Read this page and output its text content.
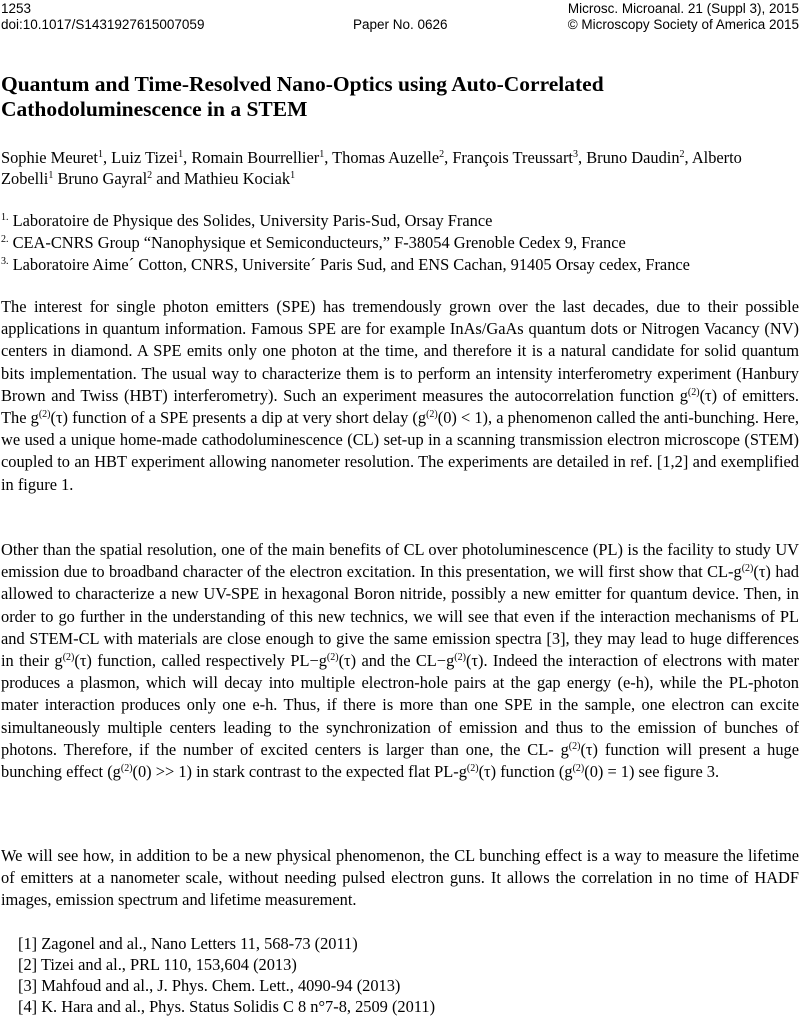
1253	Microsc. Microanal. 21 (Suppl 3), 2015
doi:10.1017/S1431927615007059	Paper No. 0626	© Microscopy Society of America 2015
Quantum and Time-Resolved Nano-Optics using Auto-Correlated Cathodoluminescence in a STEM
Sophie Meuret$^1$, Luiz Tizei$^1$, Romain Bourrellier$^1$, Thomas Auzelle$^2$, François Treussart$^3$, Bruno Daudin$^2$, Alberto Zobelli$^1$ Bruno Gayral$^2$ and Mathieu Kociak$^1$
$^{1.}$ Laboratoire de Physique des Solides, University Paris-Sud, Orsay France
$^{2.}$ CEA-CNRS Group “Nanophysique et Semiconducteurs,” F-38054 Grenoble Cedex 9, France
$^{3.}$ Laboratoire Aime´ Cotton, CNRS, Universite´ Paris Sud, and ENS Cachan, 91405 Orsay cedex, France
The interest for single photon emitters (SPE) has tremendously grown over the last decades, due to their possible applications in quantum information. Famous SPE are for example InAs/GaAs quantum dots or Nitrogen Vacancy (NV) centers in diamond. A SPE emits only one photon at the time, and therefore it is a natural candidate for solid quantum bits implementation. The usual way to characterize them is to perform an intensity interferometry experiment (Hanbury Brown and Twiss (HBT) interferometry). Such an experiment measures the autocorrelation function $g^{(2)}(\tau)$ of emitters. The $g^{(2)}(\tau)$ function of a SPE presents a dip at very short delay $(g^{(2)}(0) < 1)$, a phenomenon called the anti-bunching. Here, we used a unique home-made cathodoluminescence (CL) set-up in a scanning transmission electron microscope (STEM) coupled to an HBT experiment allowing nanometer resolution. The experiments are detailed in ref. [1,2] and exemplified in figure 1.
Other than the spatial resolution, one of the main benefits of CL over photoluminescence (PL) is the facility to study UV emission due to broadband character of the electron excitation. In this presentation, we will first show that $CL-g^{(2)}(\tau)$ had allowed to characterize a new UV-SPE in hexagonal Boron nitride, possibly a new emitter for quantum device. Then, in order to go further in the understanding of this new technics, we will see that even if the interaction mechanisms of PL and STEM-CL with materials are close enough to give the same emission spectra [3], they may lead to huge differences in their $g^{(2)}(\tau)$ function, called respectively $PL-g^{(2)}(\tau)$ and the $CL-g^{(2)}(\tau)$. Indeed the interaction of electrons with mater produces a plasmon, which will decay into multiple electron-hole pairs at the gap energy (e-h), while the PL-photon mater interaction produces only one e-h. Thus, if there is more than one SPE in the sample, one electron can excite simultaneously multiple centers leading to the synchronization of emission and thus to the emission of bunches of photons. Therefore, if the number of excited centers is larger than one, the CL- $g^{(2)}(\tau)$ function will present a huge bunching effect $(g^{(2)}(0) >> 1)$ in stark contrast to the expected flat $PL-g^{(2)}(\tau)$ function $(g^{(2)}(0) = 1)$ see figure 3.
We will see how, in addition to be a new physical phenomenon, the CL bunching effect is a way to measure the lifetime of emitters at a nanometer scale, without needing pulsed electron guns. It allows the correlation in no time of HADF images, emission spectrum and lifetime measurement.
[1] Zagonel and al., Nano Letters 11, 568-73 (2011)
[2] Tizei and al., PRL 110, 153,604 (2013)
[3] Mahfoud and al., J. Phys. Chem. Lett., 4090-94 (2013)
[4] K. Hara and al., Phys. Status Solidis C 8 n°7-8, 2509 (2011)
